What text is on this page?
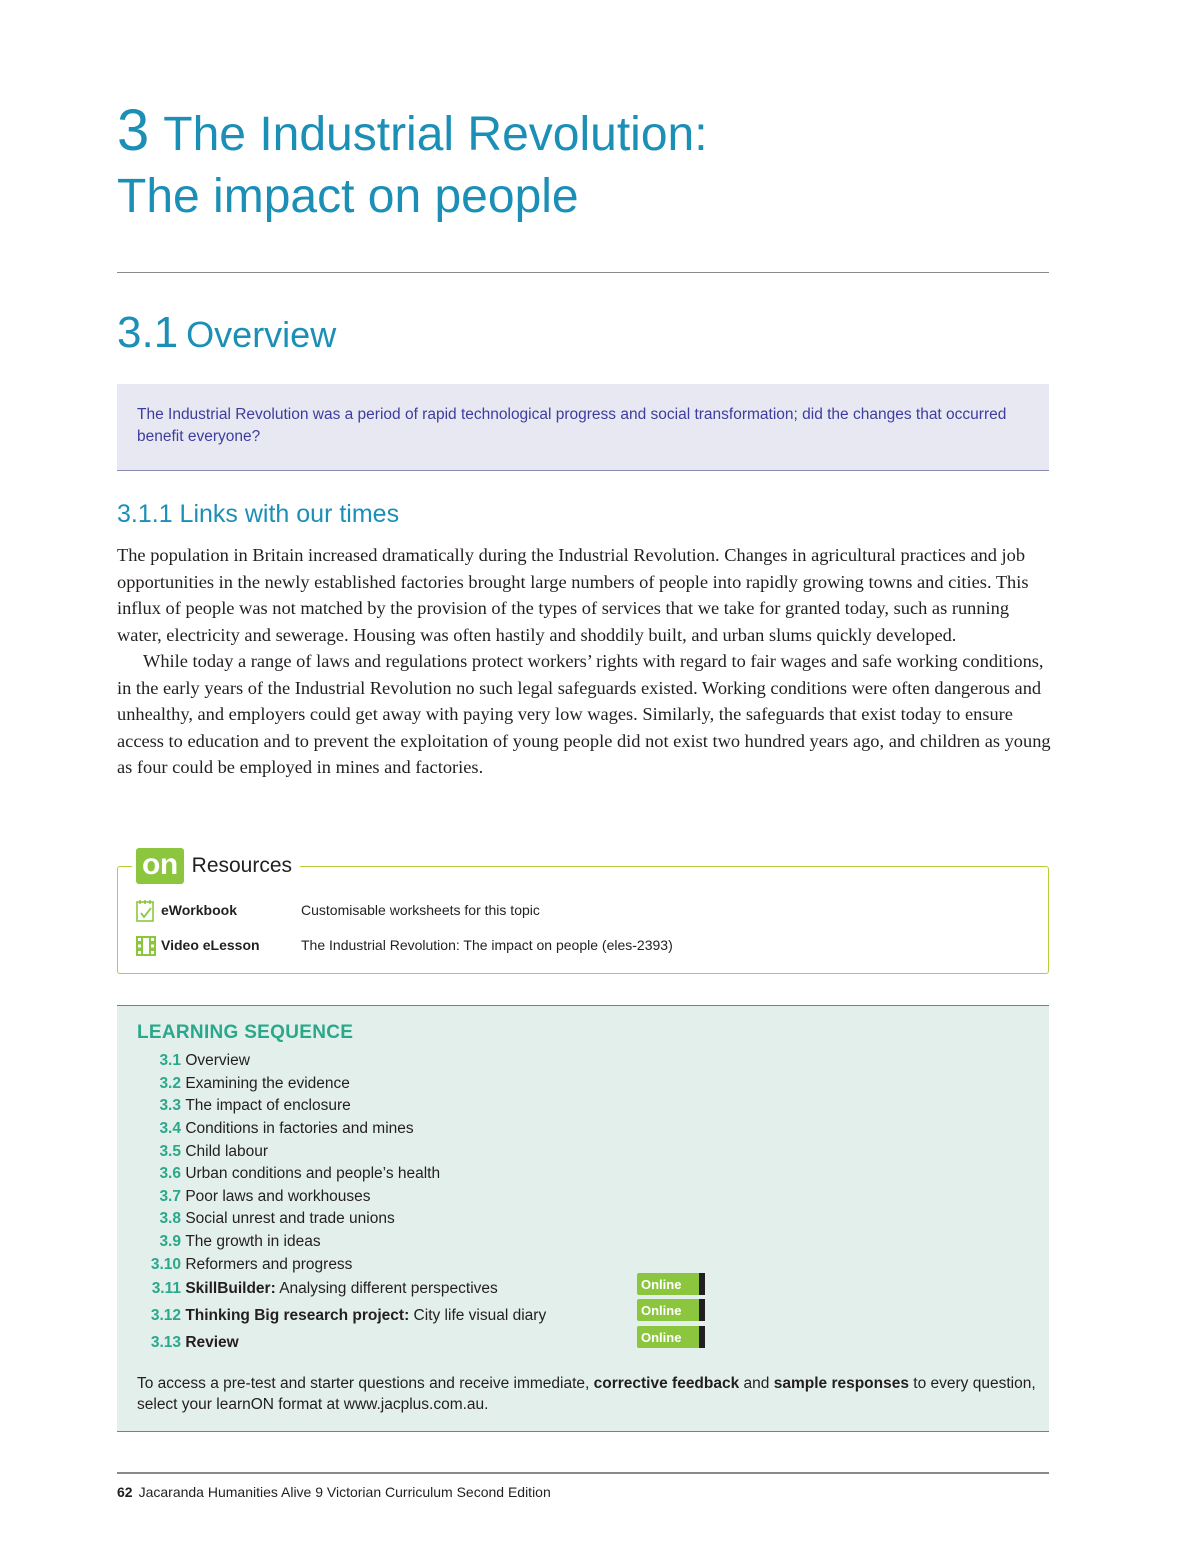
3 The Industrial Revolution:
The impact on people
3.1 Overview

The Industrial Revolution was a period of rapid technological progress and social transformation; did the changes that occurred benefit everyone?

3.1.1 Links with our times

The population in Britain increased dramatically during the Industrial Revolution. Changes in agricultural practices and job opportunities in the newly established factories brought large numbers of people into rapidly growing towns and cities. This influx of people was not matched by the provision of the types of services that we take for granted today, such as running water, electricity and sewerage. Housing was often hastily and shoddily built, and urban slums quickly developed.

While today a range of laws and regulations protect workers’ rights with regard to fair wages and safe working conditions, in the early years of the Industrial Revolution no such legal safeguards existed. Working conditions were often dangerous and unhealthy, and employers could get away with paying very low wages. Similarly, the safeguards that exist today to ensure access to education and to prevent the exploitation of young people did not exist two hundred years ago, and children as young as four could be employed in mines and factories.

on Resources
eWorkbook	Customisable worksheets for this topic
Video eLesson	The Industrial Revolution: The impact on people (eles-2393)
LEARNING SEQUENCE
3.1 Overview
3.2 Examining the evidence
3.3 The impact of enclosure
3.4 Conditions in factories and mines
3.5 Child labour
3.6 Urban conditions and people’s health
3.7 Poor laws and workhouses
3.8 Social unrest and trade unions
3.9 The growth in ideas
3.10 Reformers and progress
3.11 SkillBuilder: Analysing different perspectives
3.12 Thinking Big research project: City life visual diary
3.13 Review
Online
Online
Online

To access a pre-test and starter questions and receive immediate, corrective feedback and sample responses to every question, select your learnON format at www.jacplus.com.au.

62 Jacaranda Humanities Alive 9 Victorian Curriculum Second Edition
